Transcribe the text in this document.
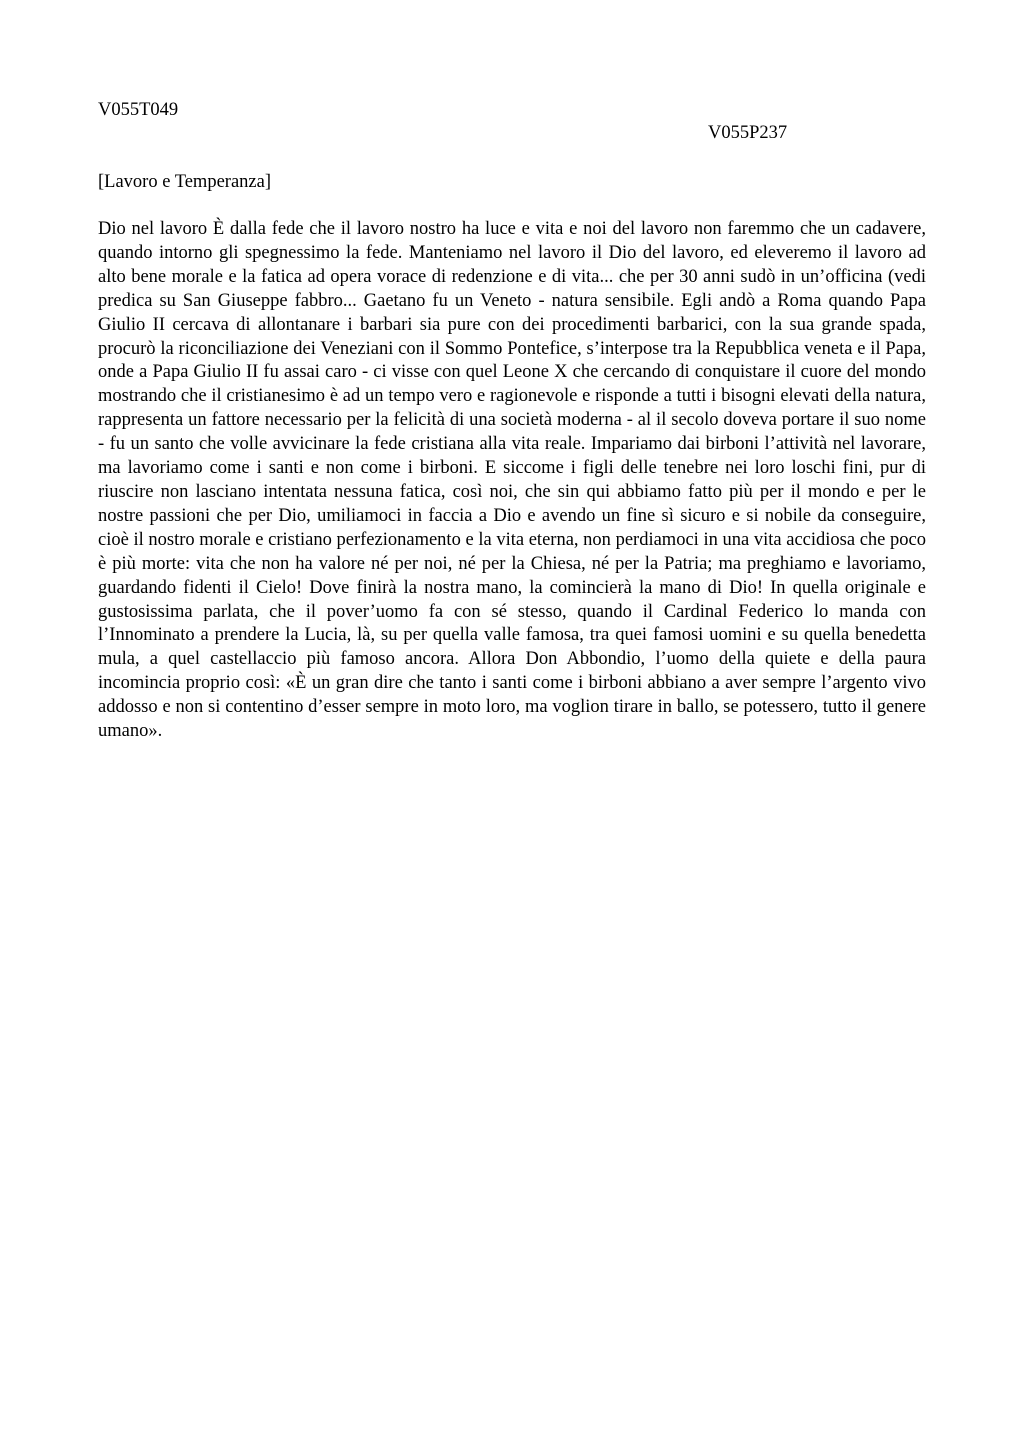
V055T049
V055P237
[Lavoro e Temperanza]

Dio nel lavoro È dalla fede che il lavoro nostro ha luce e vita e noi del lavoro non faremmo che un cadavere, quando intorno gli spegnessimo la fede. Manteniamo nel lavoro il Dio del lavoro, ed eleveremo il lavoro ad alto bene morale e la fatica ad opera vorace di redenzione e di vita... che per 30 anni sudò in un’officina (vedi predica su San Giuseppe fabbro... Gaetano fu un Veneto - natura sensibile. Egli andò a Roma quando Papa Giulio II cercava di allontanare i barbari sia pure con dei procedimenti barbarici, con la sua grande spada, procurò la riconciliazione dei Veneziani con il Sommo Pontefice, s’interpose tra la Repubblica veneta e il Papa, onde a Papa Giulio II fu assai caro - ci visse con quel Leone X che cercando di conquistare il cuore del mondo mostrando che il cristianesimo è ad un tempo vero e ragionevole e risponde a tutti i bisogni elevati della natura, rappresenta un fattore necessario per la felicità di una società moderna - al il secolo doveva portare il suo nome - fu un santo che volle avvicinare la fede cristiana alla vita reale. Impariamo dai birboni l’attività nel lavorare, ma lavoriamo come i santi e non come i birboni. E siccome i figli delle tenebre nei loro loschi fini, pur di riuscire non lasciano intentata nessuna fatica, così noi, che sin qui abbiamo fatto più per il mondo e per le nostre passioni che per Dio, umiliamoci in faccia a Dio e avendo un fine sì sicuro e si nobile da conseguire, cioè il nostro morale e cristiano perfezionamento e la vita eterna, non perdiamoci in una vita accidiosa che poco è più morte: vita che non ha valore né per noi, né per la Chiesa, né per la Patria; ma preghiamo e lavoriamo, guardando fidenti il Cielo! Dove finirà la nostra mano, la comincierà la mano di Dio! In quella originale e gustosissima parlata, che il pover’uomo fa con sé stesso, quando il Cardinal Federico lo manda con l’Innominato a prendere la Lucia, là, su per quella valle famosa, tra quei famosi uomini e su quella benedetta mula, a quel castellaccio più famoso ancora. Allora Don Abbondio, l’uomo della quiete e della paura incomincia proprio così: «È un gran dire che tanto i santi come i birboni abbiano a aver sempre l’argento vivo addosso e non si contentino d’esser sempre in moto loro, ma voglion tirare in ballo, se potessero, tutto il genere umano».
